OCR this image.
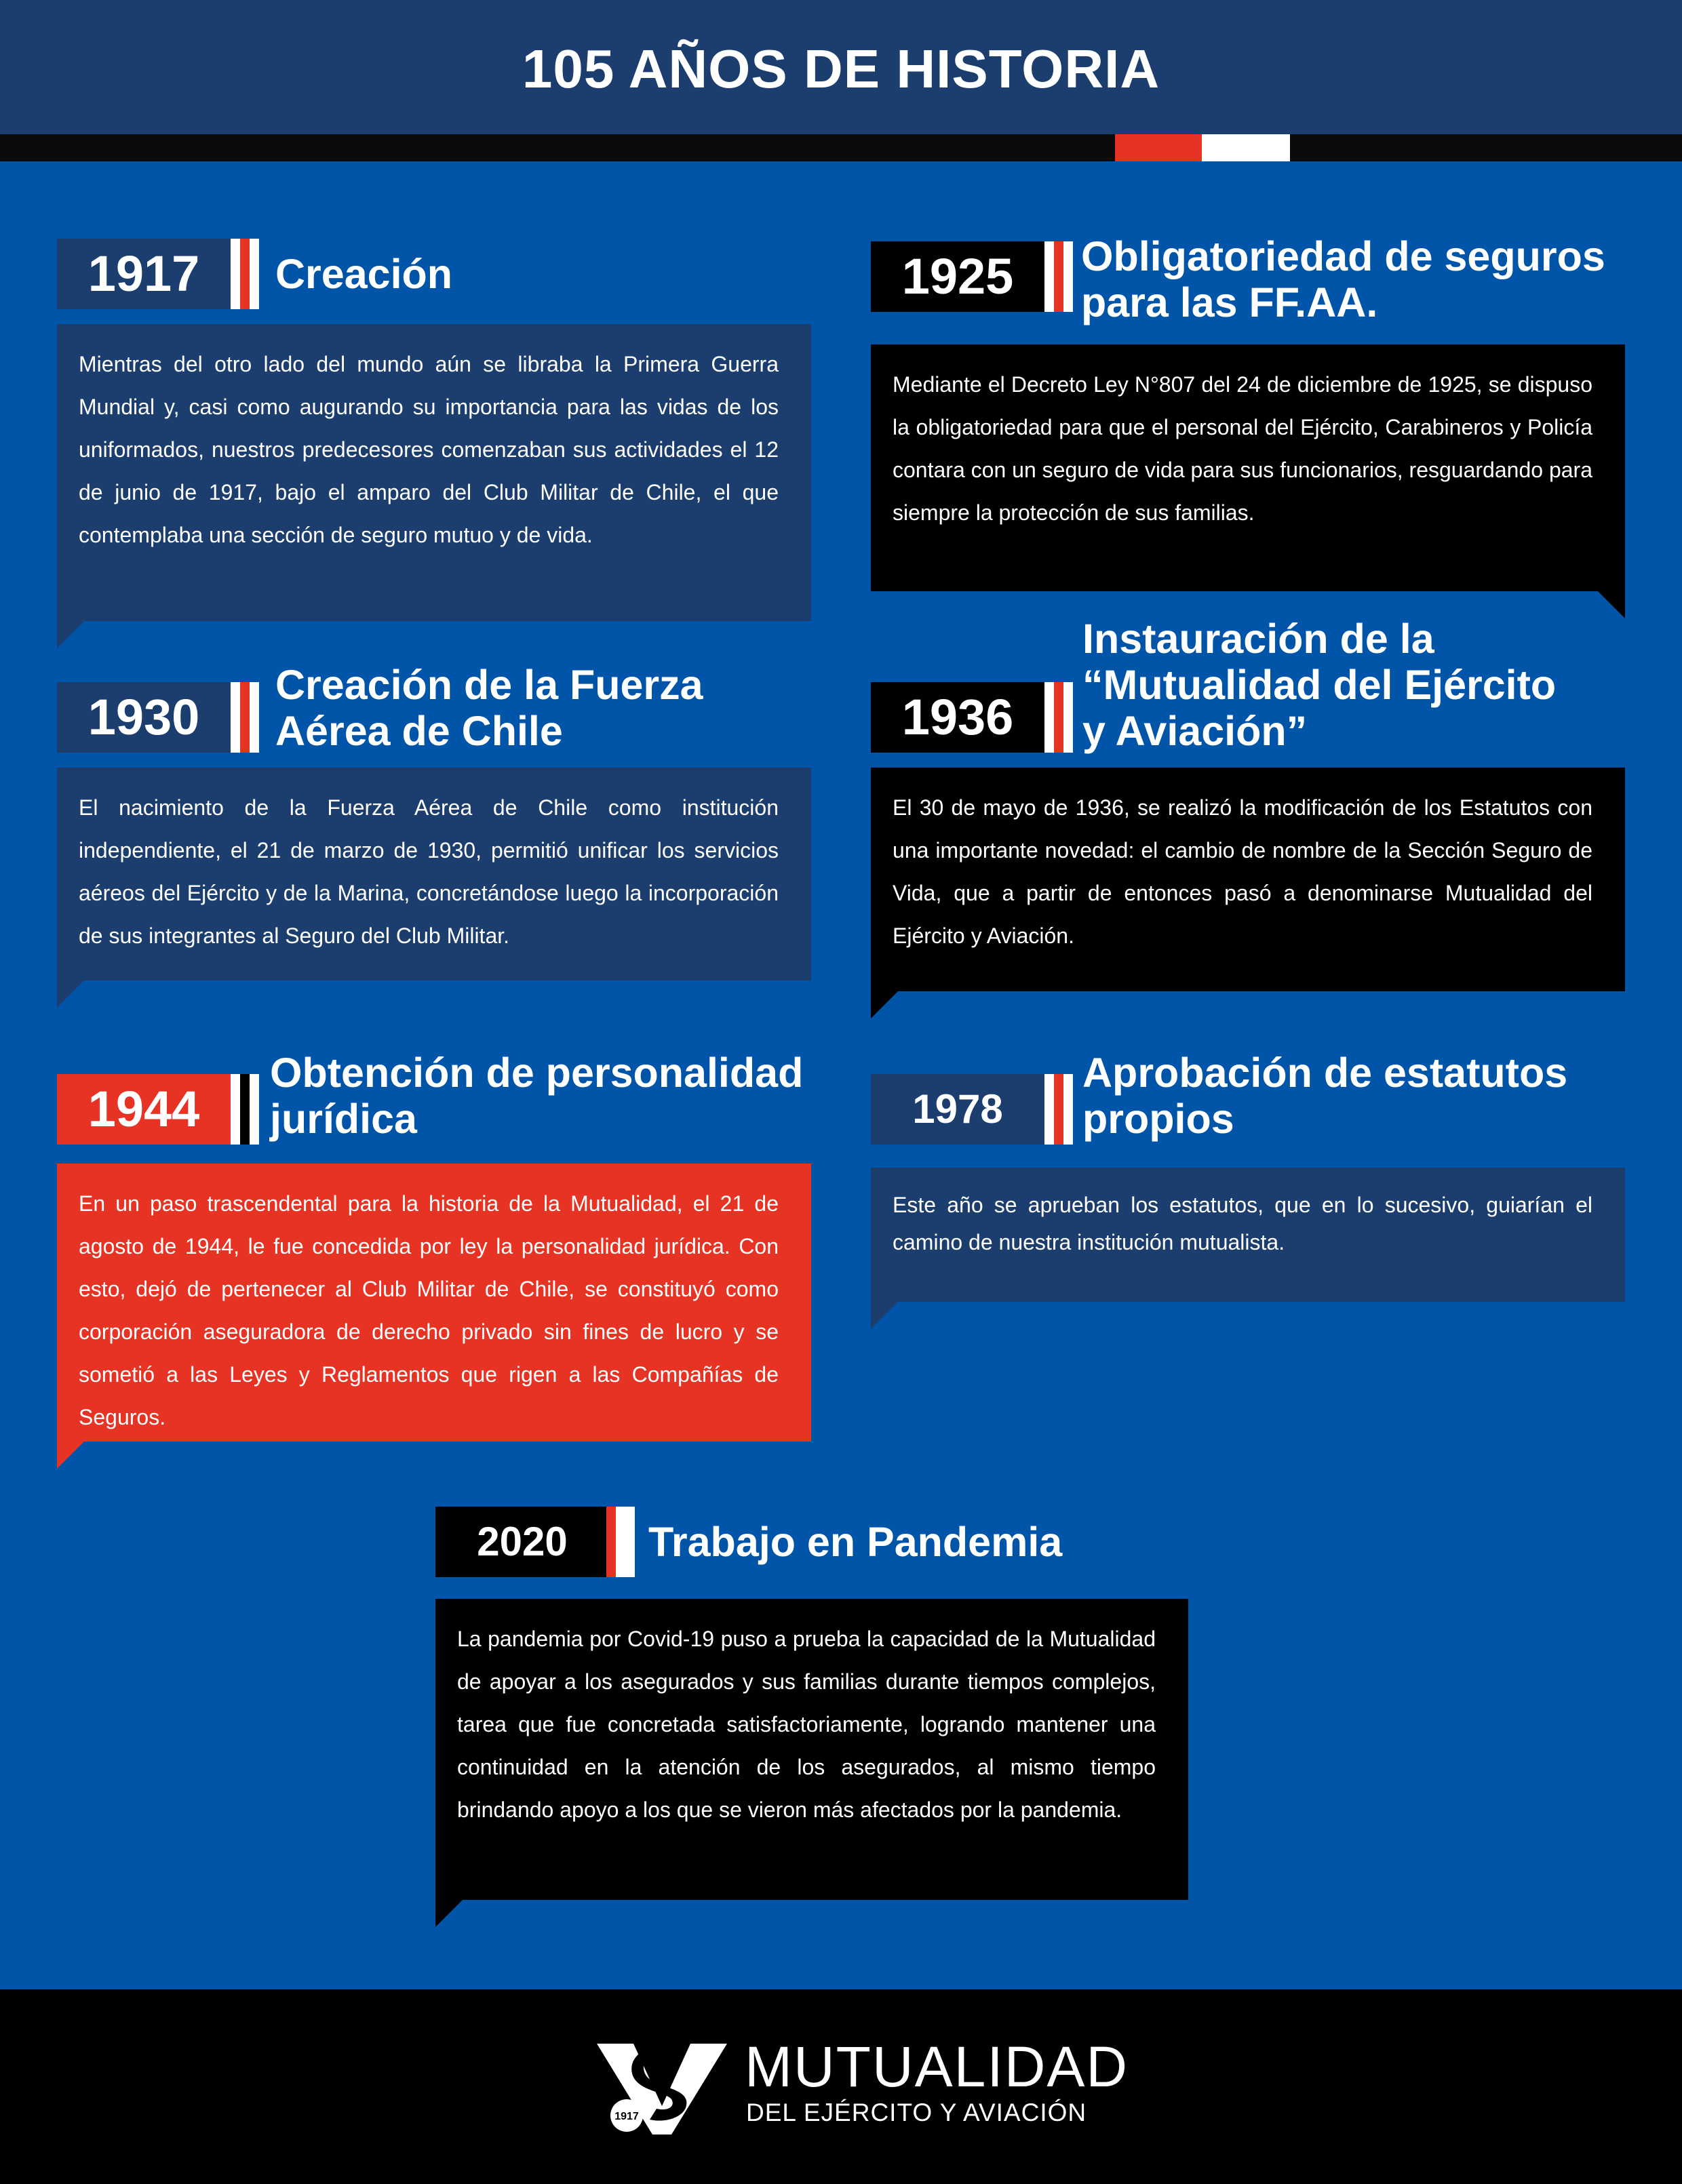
105 AÑOS DE HISTORIA
1917	Creación

Mientras del otro lado del mundo aún se libraba la Primera Guerra Mundial y, casi como augurando su importancia para las vidas de los uniformados, nuestros predecesores comenzaban sus actividades el 12 de junio de 1917, bajo el amparo del Club Militar de Chile, el que contemplaba una sección de seguro mutuo y de vida.

1925	Obligatoriedad de seguros para las FF.AA.

Mediante el Decreto Ley N°807 del 24 de diciembre de 1925, se dispuso la obligatoriedad para que el personal del Ejército, Carabineros y Policía contara con un seguro de vida para sus funcionarios, resguardando para siempre la protección de sus familias.

1930
Creación de la Fuerza Aérea de Chile

El nacimiento de la Fuerza Aérea de Chile como institución independiente, el 21 de marzo de 1930, permitió unificar los servicios aéreos del Ejército y de la Marina, concretándose luego la incorporación de sus integrantes al Seguro del Club Militar.

1936
Instauración de la “Mutualidad del Ejército y Aviación”

El 30 de mayo de 1936, se realizó la modificación de los Estatutos con una importante novedad: el cambio de nombre de la Sección Seguro de Vida, que a partir de entonces pasó a denominarse Mutualidad del Ejército y Aviación.

1944
Obtención de personalidad jurídica

En un paso trascendental para la historia de la Mutualidad, el 21 de agosto de 1944, le fue concedida por ley la personalidad jurídica. Con esto, dejó de pertenecer al Club Militar de Chile, se constituyó como corporación aseguradora de derecho privado sin fines de lucro y se sometió a las Leyes y Reglamentos que rigen a las Compañías de Seguros.

1978
Aprobación de estatutos propios

Este año se aprueban los estatutos, que en lo sucesivo, guiarían el camino de nuestra institución mutualista.

2020	Trabajo en Pandemia

La pandemia por Covid-19 puso a prueba la capacidad de la Mutualidad de apoyar a los asegurados y sus familias durante tiempos complejos, tarea que fue concretada satisfactoriamente, logrando mantener una continuidad en la atención de los asegurados, al mismo tiempo brindando apoyo a los que se vieron más afectados por la pandemia.

1917
MUTUALIDAD
DEL EJÉRCITO Y AVIACIÓN
